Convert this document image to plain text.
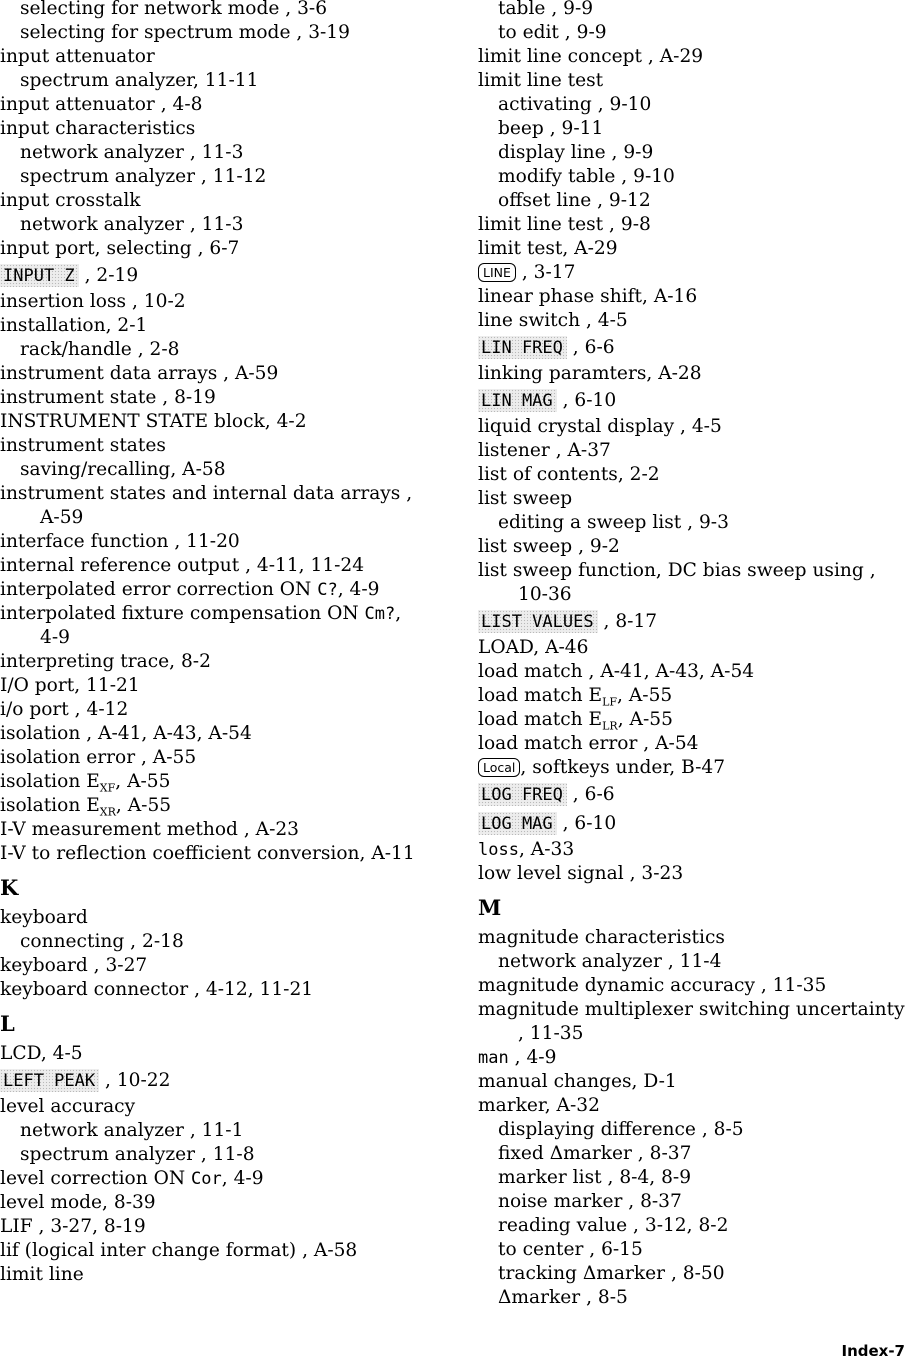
selecting for network mode , 3-6
selecting for spectrum mode , 3-19
input attenuator
spectrum analyzer, 11-11
input attenuator , 4-8
input characteristics
network analyzer , 11-3
spectrum analyzer , 11-12
input crosstalk
network analyzer , 11-3
input port, selecting , 6-7
INPUT Z , 2-19
insertion loss , 10-2
installation, 2-1
rack/handle , 2-8
instrument data arrays , A-59
instrument state , 8-19
INSTRUMENT STATE block, 4-2
instrument states
saving/recalling, A-58
instrument states and internal data arrays ,
A-59
interface function , 11-20
internal reference output , 4-11, 11-24
interpolated error correction ON C?, 4-9
interpolated fixture compensation ON Cm?,
4-9
interpreting trace, 8-2
I/O port, 11-21
i/o port , 4-12
isolation , A-41, A-43, A-54
isolation error , A-55
isolation $E_{XF}$, A-55
isolation $E_{XR}$, A-55
I-V measurement method , A-23
I-V to reflection coefficient conversion, A-11
K
keyboard
connecting , 2-18
keyboard , 3-27
keyboard connector , 4-12, 11-21
L
LCD, 4-5
LEFT PEAK , 10-22
level accuracy
network analyzer , 11-1
spectrum analyzer , 11-8
level correction ON Cor, 4-9
level mode, 8-39
LIF , 3-27, 8-19
lif (logical inter change format) , A-58
limit line
table , 9-9
to edit , 9-9
limit line concept , A-29
limit line test
activating , 9-10
beep , 9-11
display line , 9-9
modify table , 9-10
offset line , 9-12
limit line test , 9-8
limit test, A-29
LINE , 3-17
linear phase shift, A-16
line switch , 4-5
LIN FREQ , 6-6
linking paramters, A-28
LIN MAG , 6-10
liquid crystal display , 4-5
listener , A-37
list of contents, 2-2
list sweep
editing a sweep list , 9-3
list sweep , 9-2
list sweep function, DC bias sweep using ,
10-36
LIST VALUES , 8-17
LOAD, A-46
load match , A-41, A-43, A-54
load match $E_{LF}$, A-55
load match $E_{LR}$, A-55
load match error , A-54
Local , softkeys under, B-47
LOG FREQ , 6-6
LOG MAG , 6-10
loss, A-33
low level signal , 3-23
M
magnitude characteristics
network analyzer , 11-4
magnitude dynamic accuracy , 11-35
magnitude multiplexer switching uncertainty
, 11-35
man , 4-9
manual changes, D-1
marker, A-32
displaying difference , 8-5
fixed Δmarker , 8-37
marker list , 8-4, 8-9
noise marker , 8-37
reading value , 3-12, 8-2
to center , 6-15
tracking Δmarker , 8-50
Δmarker , 8-5
Index-7
